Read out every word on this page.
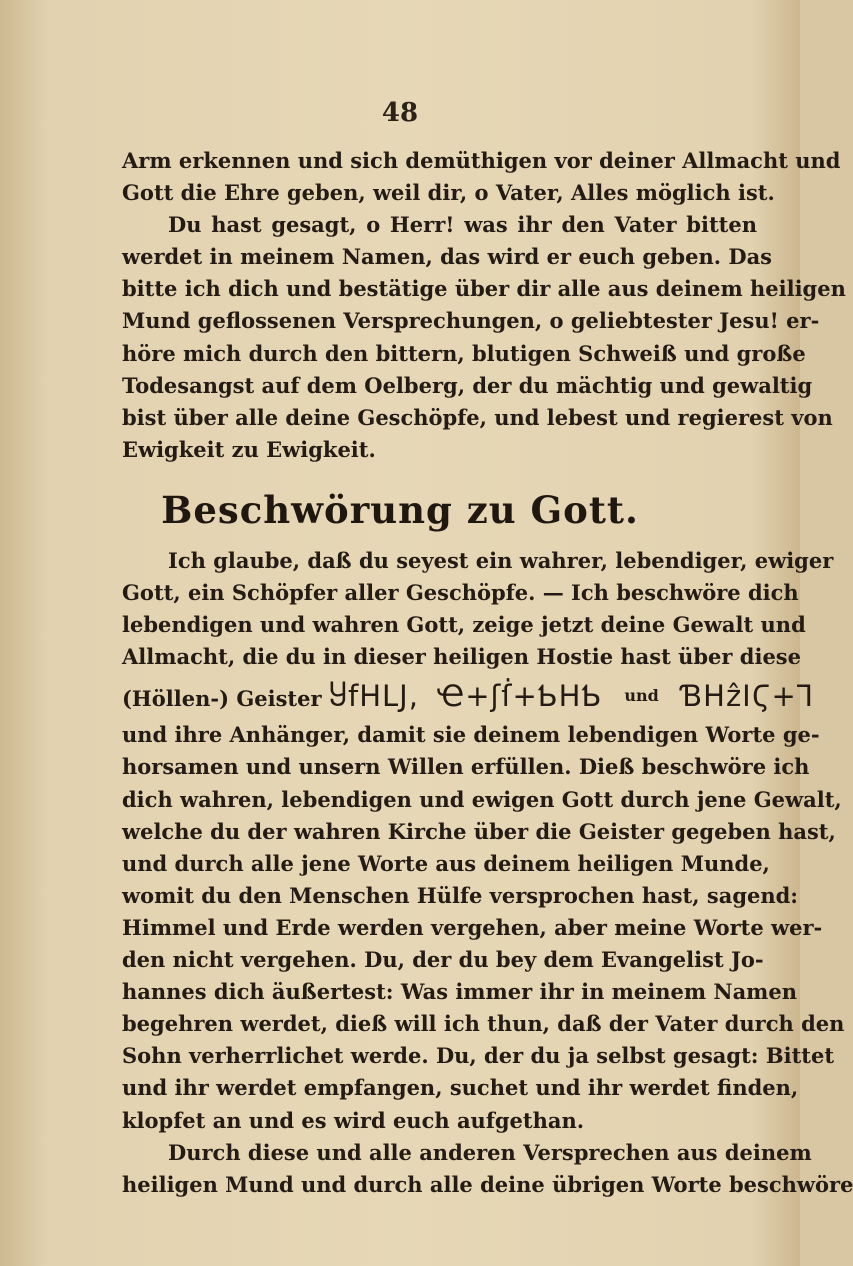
48
Arm erkennen und sich demüthigen vor deiner Allmacht und
Gott die Ehre geben, weil dir, o Vater, Alles möglich ist.
Du hast gesagt, o Herr! was ihr den Vater bitten
werdet in meinem Namen, das wird er euch geben. Das
bitte ich dich und bestätige über dir alle aus deinem heiligen
Mund geflossenen Versprechungen, o geliebtester Jesu! er-
höre mich durch den bittern, blutigen Schweiß und große
Todesangst auf dem Oelberg, der du mächtig und gewaltig
bist über alle deine Geschöpfe, und lebest und regierest von
Ewigkeit zu Ewigkeit.
Beschwörung zu Gott.
Ich glaube, daß du seyest ein wahrer, lebendiger, ewiger
Gott, ein Schöpfer aller Geschöpfe. — Ich beschwöre dich
lebendigen und wahren Gott, zeige jetzt deine Gewalt und
Allmacht, die du in dieser heiligen Hostie hast über diese
(Höllen-) Geister ႸfHⅬJ, Ҽ+ʃẛ+ƄHƄ und ƁHẑⅠϚ+Ꞁ
und ihre Anhänger, damit sie deinem lebendigen Worte ge-
horsamen und unsern Willen erfüllen. Dieß beschwöre ich
dich wahren, lebendigen und ewigen Gott durch jene Gewalt,
welche du der wahren Kirche über die Geister gegeben hast,
und durch alle jene Worte aus deinem heiligen Munde,
womit du den Menschen Hülfe versprochen hast, sagend:
Himmel und Erde werden vergehen, aber meine Worte wer-
den nicht vergehen. Du, der du bey dem Evangelist Jo-
hannes dich äußertest: Was immer ihr in meinem Namen
begehren werdet, dieß will ich thun, daß der Vater durch den
Sohn verherrlichet werde. Du, der du ja selbst gesagt: Bittet
und ihr werdet empfangen, suchet und ihr werdet finden,
klopfet an und es wird euch aufgethan.
Durch diese und alle anderen Versprechen aus deinem
heiligen Mund und durch alle deine übrigen Worte beschwöre
